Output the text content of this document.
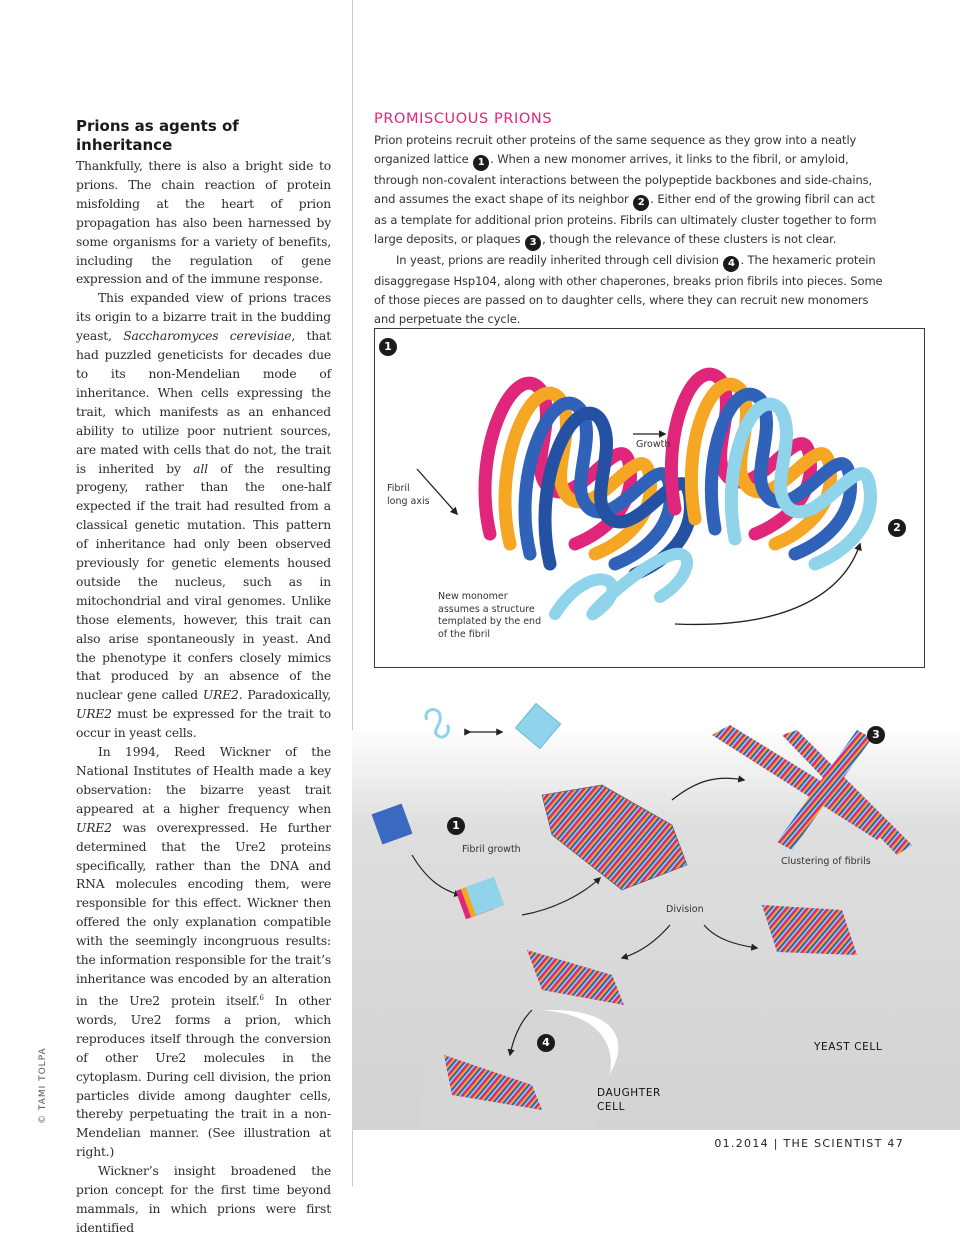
Prions as agents of inheritance

Thankfully, there is also a bright side to prions. The chain reaction of protein misfolding at the heart of prion propagation has also been harnessed by some organisms for a variety of benefits, including the regulation of gene expression and of the immune response.

This expanded view of prions traces its origin to a bizarre trait in the budding yeast, Saccharomyces cerevisiae, that had puzzled geneticists for decades due to its non-Mendelian mode of inheritance. When cells expressing the trait, which manifests as an enhanced ability to utilize poor nutrient sources, are mated with cells that do not, the trait is inherited by all of the resulting progeny, rather than the one-half expected if the trait had resulted from a classical genetic mutation. This pattern of inheritance had only been observed previously for genetic elements housed outside the nucleus, such as in mitochondrial and viral genomes. Unlike those elements, however, this trait can also arise spontaneously in yeast. And the phenotype it confers closely mimics that produced by an absence of the nuclear gene called URE2. Paradoxically, URE2 must be expressed for the trait to occur in yeast cells.

In 1994, Reed Wickner of the National Institutes of Health made a key observation: the bizarre yeast trait appeared at a higher frequency when URE2 was overexpressed. He further determined that the Ure2 proteins specifically, rather than the DNA and RNA molecules encoding them, were responsible for this effect. Wickner then offered the only explanation compatible with the seemingly incongruous results: the information responsible for the trait’s inheritance was encoded by an alteration in the Ure2 protein itself.$^6$ In other words, Ure2 forms a prion, which reproduces itself through the conversion of other Ure2 molecules in the cytoplasm. During cell division, the prion particles divide among daughter cells, thereby perpetuating the trait in a non-Mendelian manner. (See illustration at right.)

Wickner’s insight broadened the prion concept for the first time beyond mammals, in which prions were first identified

© TAMI TOLPA
PROMISCUOUS PRIONS

Prion proteins recruit other proteins of the same sequence as they grow into a neatly organized lattice 1 . When a new monomer arrives, it links to the fibril, or amyloid, through non-covalent interactions between the polypeptide backbones and side-chains, and assumes the exact shape of its neighbor 2 . Either end of the growing fibril can act as a template for additional prion proteins. Fibrils can ultimately cluster together to form large deposits, or plaques 3 , though the relevance of these clusters is not clear.

In yeast, prions are readily inherited through cell division 4 . The hexameric protein disaggregase Hsp104, along with other chaperones, breaks prion fibrils into pieces. Some of those pieces are passed on to daughter cells, where they can recruit new monomers and perpetuate the cycle.

1
2
Growth
Fibril
long axis
New monomer
assumes a structure
templated by the end
of the fibril
1
3
4
Fibril growth
Clustering of fibrils
Division
YEAST CELL
DAUGHTER
CELL
01.2014 | THE SCIENTIST 47
